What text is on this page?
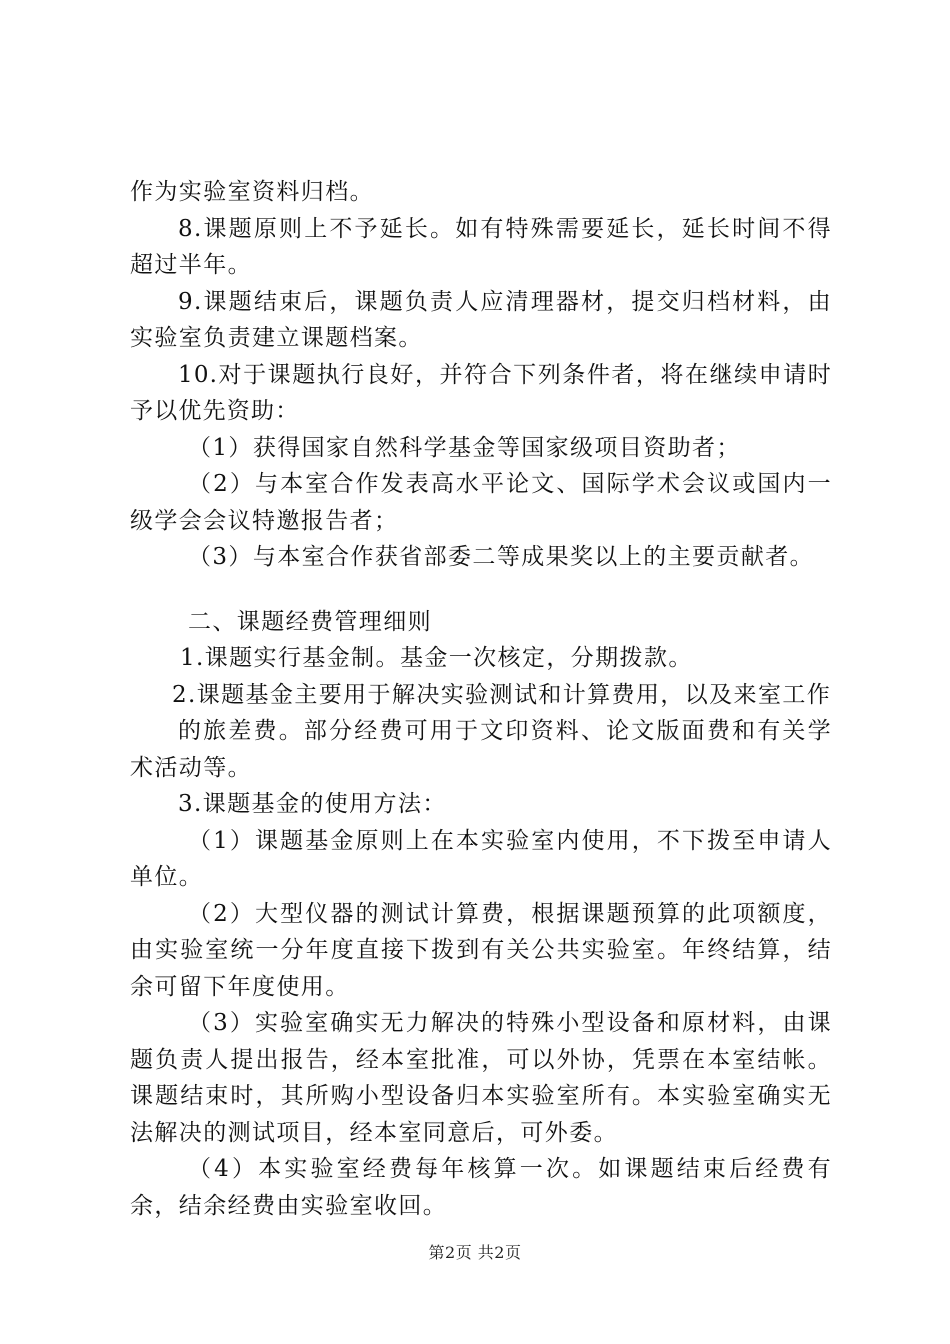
作为实验室资料归档。

8.课题原则上不予延长。如有特殊需要延长，延长时间不得超过半年。

9.课题结束后，课题负责人应清理器材，提交归档材料，由实验室负责建立课题档案。

10.对于课题执行良好，并符合下列条件者，将在继续申请时予以优先资助：

（1）获得国家自然科学基金等国家级项目资助者；

（2）与本室合作发表高水平论文、国际学术会议或国内一级学会会议特邀报告者；

（3）与本室合作获省部委二等成果奖以上的主要贡献者。

二、课题经费管理细则

1.课题实行基金制。基金一次核定，分期拨款。

2.课题基金主要用于解决实验测试和计算费用，以及来室工作

的旅差费。部分经费可用于文印资料、论文版面费和有关学术活动等。

3.课题基金的使用方法：

（1）课题基金原则上在本实验室内使用，不下拨至申请人单位。

（2）大型仪器的测试计算费，根据课题预算的此项额度，由实验室统一分年度直接下拨到有关公共实验室。年终结算，结余可留下年度使用。

（3）实验室确实无力解决的特殊小型设备和原材料，由课题负责人提出报告，经本室批准，可以外协，凭票在本室结帐。课题结束时，其所购小型设备归本实验室所有。本实验室确实无法解决的测试项目，经本室同意后，可外委。

（4）本实验室经费每年核算一次。如课题结束后经费有余，结余经费由实验室收回。

第2页 共2页
